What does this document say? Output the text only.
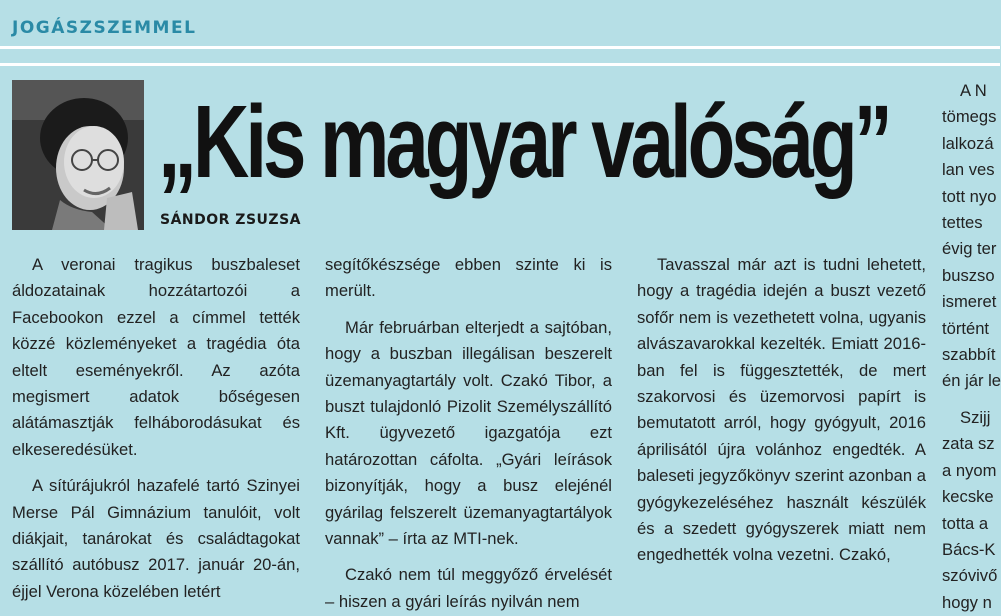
JOGÁSZSZEMMEL
„Kis magyar valóság”
SÁNDOR ZSUZSA

A veronai tragikus buszbaleset áldozatainak hozzátartozói a Facebookon ezzel a címmel tették közzé közleményeket a tragédia óta eltelt eseményekről. Az azóta megismert adatok bőségesen alátámasztják felháborodásukat és elkeseredésüket.

A sítúrájukról hazafelé tartó Szinyei Merse Pál Gimnázium tanulóit, volt diákjait, tanárokat és családtagokat szállító autóbusz 2017. január 20-án, éjjel Verona közelében letért

segítőkészsége ebben szinte ki is merült.

Már februárban elterjedt a sajtóban, hogy a buszban illegálisan beszerelt üzemanyagtartály volt. Czakó Tibor, a buszt tulajdonló Pizolit Személyszállító Kft. ügyvezető igazgatója ezt határozottan cáfolta. „Gyári leírások bizonyítják, hogy a busz elejénél gyárilag felszerelt üzemanyagtartályok vannak” – írta az MTI-nek.

Czakó nem túl meggyőző érvelését – hiszen a gyári leírás nyilván nem

Tavasszal már azt is tudni lehetett, hogy a tragédia idején a buszt vezető sofőr nem is vezethetett volna, ugyanis alvászavarokkal kezelték. Emiatt 2016-ban fel is függesztették, de mert szakorvosi és üzemorvosi papírt is bemutatott arról, hogy gyógyult, 2016 áprilisától újra volánhoz engedték. A baleseti jegyzőkönyv szerint azonban a gyógykezeléséhez használt készülék és a szedett gyógyszerek miatt nem engedhették volna vezetni. Czakó,

A N
tömegs
lalkozá
lan ves
tott nyo
tettes
évig ter
buszso
ismeret
történt
szabbít
én jár le
Szijj
zata sz
a nyom
kecske
totta a
Bács-K
szóvivő
hogy n
